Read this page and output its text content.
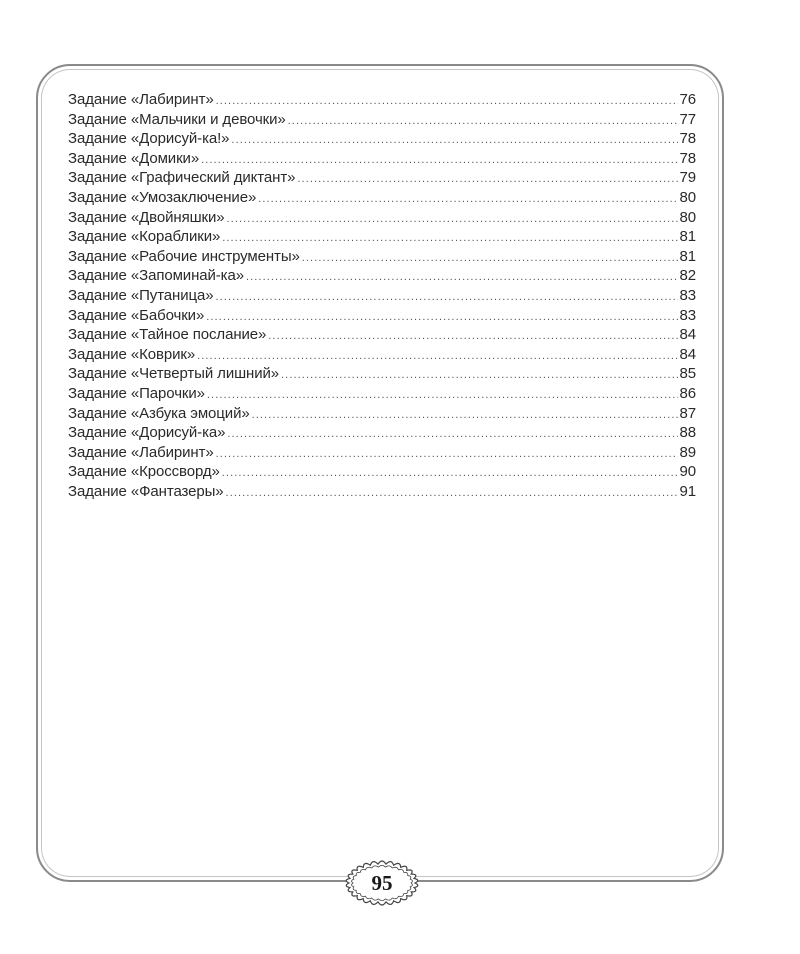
Задание «Лабиринт» .....	76
Задание «Мальчики и девочки» .....	77
Задание «Дорисуй-ка!» .....	78
Задание «Домики» .....	78
Задание «Графический диктант» .....	79
Задание «Умозаключение» .....	80
Задание «Двойняшки» .....	80
Задание «Кораблики» .....	81
Задание «Рабочие инструменты» .....	81
Задание «Запоминай-ка» .....	82
Задание «Путаница» .....	83
Задание «Бабочки» .....	83
Задание «Тайное послание» .....	84
Задание «Коврик» .....	84
Задание «Четвертый лишний» .....	85
Задание «Парочки» .....	86
Задание «Азбука эмоций» .....	87
Задание «Дорисуй-ка» .....	88
Задание «Лабиринт» .....	89
Задание «Кроссворд» .....	90
Задание «Фантазеры» .....	91
95
